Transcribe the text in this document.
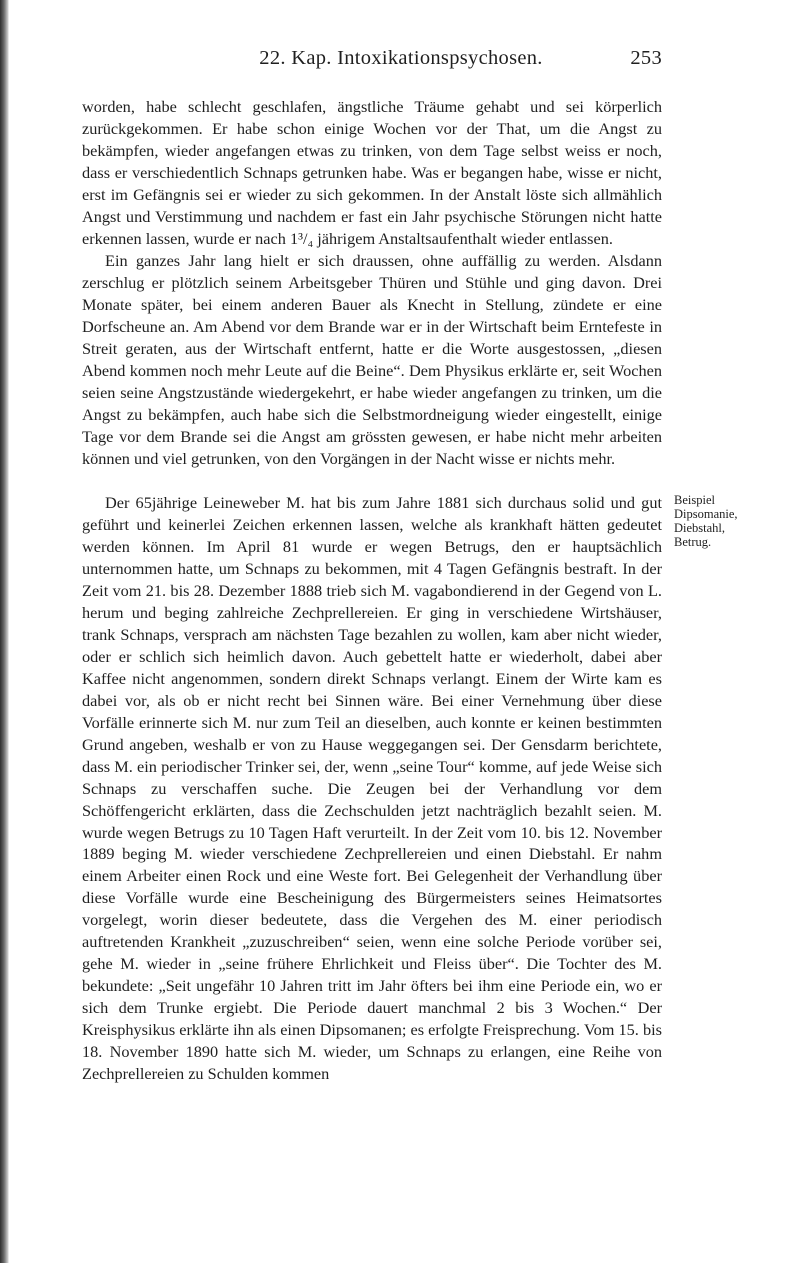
22. Kap. Intoxikationspsychosen.	253

worden, habe schlecht geschlafen, ängstliche Träume gehabt und sei körperlich zurückgekommen. Er habe schon einige Wochen vor der That, um die Angst zu bekämpfen, wieder angefangen etwas zu trinken, von dem Tage selbst weiss er noch, dass er verschiedentlich Schnaps getrunken habe. Was er begangen habe, wisse er nicht, erst im Gefängnis sei er wieder zu sich gekommen. In der Anstalt löste sich allmählich Angst und Verstimmung und nachdem er fast ein Jahr psychische Störungen nicht hatte erkennen lassen, wurde er nach 1³/₄ jährigem Anstaltsaufenthalt wieder entlassen.

Ein ganzes Jahr lang hielt er sich draussen, ohne auffällig zu werden. Alsdann zerschlug er plötzlich seinem Arbeitsgeber Thüren und Stühle und ging davon. Drei Monate später, bei einem anderen Bauer als Knecht in Stellung, zündete er eine Dorfscheune an. Am Abend vor dem Brande war er in der Wirtschaft beim Erntefeste in Streit geraten, aus der Wirtschaft entfernt, hatte er die Worte ausgestossen, „diesen Abend kommen noch mehr Leute auf die Beine“. Dem Physikus erklärte er, seit Wochen seien seine Angstzustände wiedergekehrt, er habe wieder angefangen zu trinken, um die Angst zu bekämpfen, auch habe sich die Selbstmordneigung wieder eingestellt, einige Tage vor dem Brande sei die Angst am grössten gewesen, er habe nicht mehr arbeiten können und viel getrunken, von den Vorgängen in der Nacht wisse er nichts mehr.

Der 65jährige Leineweber M. hat bis zum Jahre 1881 sich durchaus solid und gut geführt und keinerlei Zeichen erkennen lassen, welche als krankhaft hätten gedeutet werden können. Im April 81 wurde er wegen Betrugs, den er hauptsächlich unternommen hatte, um Schnaps zu bekommen, mit 4 Tagen Gefängnis bestraft. In der Zeit vom 21. bis 28. Dezember 1888 trieb sich M. vagabondierend in der Gegend von L. herum und beging zahlreiche Zechprellereien. Er ging in verschiedene Wirtshäuser, trank Schnaps, versprach am nächsten Tage bezahlen zu wollen, kam aber nicht wieder, oder er schlich sich heimlich davon. Auch gebettelt hatte er wiederholt, dabei aber Kaffee nicht angenommen, sondern direkt Schnaps verlangt. Einem der Wirte kam es dabei vor, als ob er nicht recht bei Sinnen wäre. Bei einer Vernehmung über diese Vorfälle erinnerte sich M. nur zum Teil an dieselben, auch konnte er keinen bestimmten Grund angeben, weshalb er von zu Hause weggegangen sei. Der Gensdarm berichtete, dass M. ein periodischer Trinker sei, der, wenn „seine Tour“ komme, auf jede Weise sich Schnaps zu verschaffen suche. Die Zeugen bei der Verhandlung vor dem Schöffengericht erklärten, dass die Zechschulden jetzt nachträglich bezahlt seien. M. wurde wegen Betrugs zu 10 Tagen Haft verurteilt. In der Zeit vom 10. bis 12. November 1889 beging M. wieder verschiedene Zechprellereien und einen Diebstahl. Er nahm einem Arbeiter einen Rock und eine Weste fort. Bei Gelegenheit der Verhandlung über diese Vorfälle wurde eine Bescheinigung des Bürgermeisters seines Heimatsortes vorgelegt, worin dieser bedeutete, dass die Vergehen des M. einer periodisch auftretenden Krankheit „zuzuschreiben“ seien, wenn eine solche Periode vorüber sei, gehe M. wieder in „seine frühere Ehrlichkeit und Fleiss über“. Die Tochter des M. bekundete: „Seit ungefähr 10 Jahren tritt im Jahr öfters bei ihm eine Periode ein, wo er sich dem Trunke ergiebt. Die Periode dauert manchmal 2 bis 3 Wochen.“ Der Kreisphysikus erklärte ihn als einen Dipsomanen; es erfolgte Freisprechung. Vom 15. bis 18. November 1890 hatte sich M. wieder, um Schnaps zu erlangen, eine Reihe von Zechprellereien zu Schulden kommen

Beispiel
Dipsomanie,
Diebstahl,
Betrug.
